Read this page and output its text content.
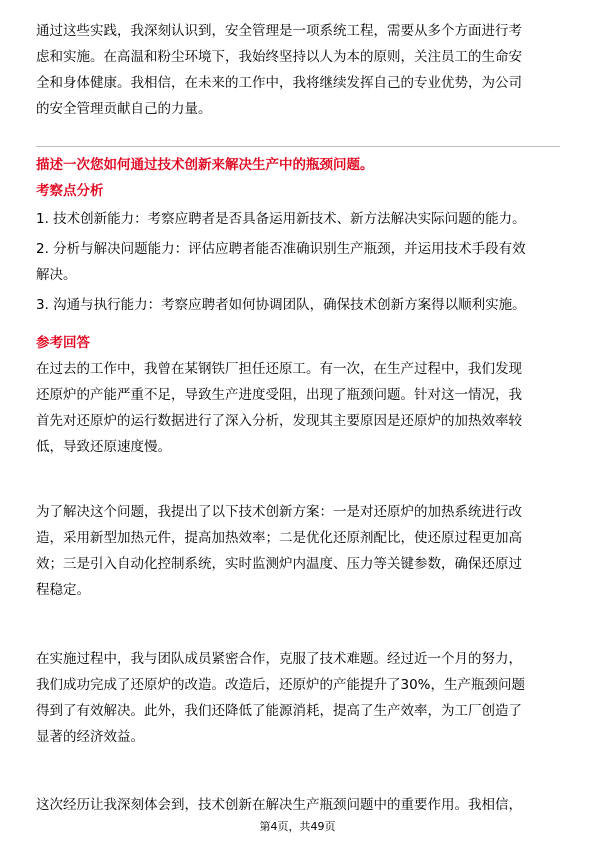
通过这些实践，我深刻认识到，安全管理是一项系统工程，需要从多个方面进行考
虑和实施。在高温和粉尘环境下，我始终坚持以人为本的原则，关注员工的生命安
全和身体健康。我相信，在未来的工作中，我将继续发挥自己的专业优势，为公司
的安全管理贡献自己的力量。

描述一次您如何通过技术创新来解决生产中的瓶颈问题。

考察点分析

1. 技术创新能力：考察应聘者是否具备运用新技术、新方法解决实际问题的能力。

2. 分析与解决问题能力：评估应聘者能否准确识别生产瓶颈，并运用技术手段有效
解决。

3. 沟通与执行能力：考察应聘者如何协调团队，确保技术创新方案得以顺利实施。

参考回答

在过去的工作中，我曾在某钢铁厂担任还原工。有一次，在生产过程中，我们发现
还原炉的产能严重不足，导致生产进度受阻，出现了瓶颈问题。针对这一情况，我
首先对还原炉的运行数据进行了深入分析，发现其主要原因是还原炉的加热效率较
低，导致还原速度慢。

为了解决这个问题，我提出了以下技术创新方案：一是对还原炉的加热系统进行改
造，采用新型加热元件，提高加热效率；二是优化还原剂配比，使还原过程更加高
效；三是引入自动化控制系统，实时监测炉内温度、压力等关键参数，确保还原过
程稳定。

在实施过程中，我与团队成员紧密合作，克服了技术难题。经过近一个月的努力，
我们成功完成了还原炉的改造。改造后，还原炉的产能提升了30%，生产瓶颈问题
得到了有效解决。此外，我们还降低了能源消耗，提高了生产效率，为工厂创造了
显著的经济效益。

这次经历让我深刻体会到，技术创新在解决生产瓶颈问题中的重要作用。我相信，

第4页，共49页
